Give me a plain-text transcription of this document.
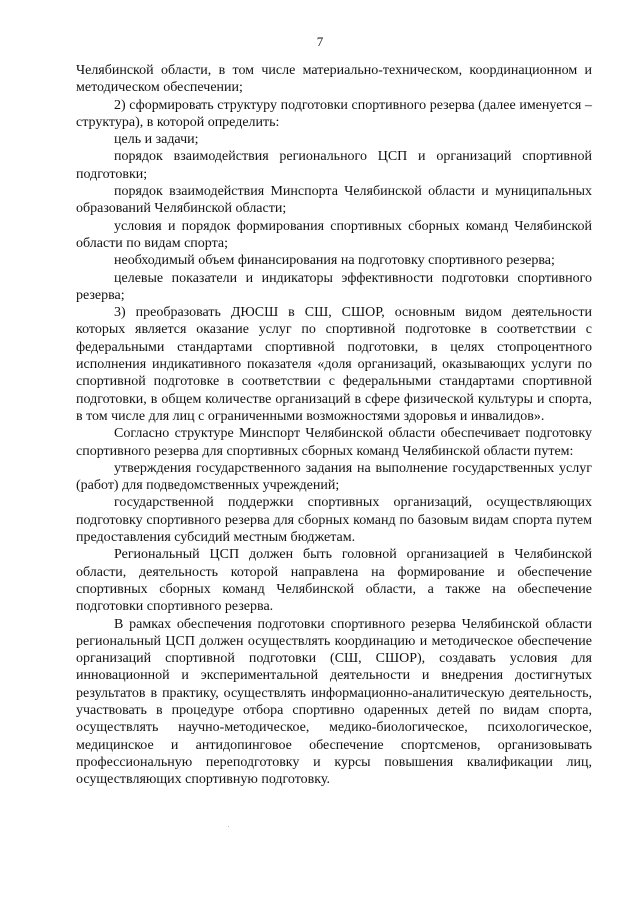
7

Челябинской области, в том числе материально-техническом, координационном и методическом обеспечении;

2) сформировать структуру подготовки спортивного резерва (далее именуется – структура), в которой определить:

цель и задачи;

порядок взаимодействия регионального ЦСП и организаций спортивной подготовки;

порядок взаимодействия Минспорта Челябинской области и муниципальных образований Челябинской области;

условия и порядок формирования спортивных сборных команд Челябинской области по видам спорта;

необходимый объем финансирования на подготовку спортивного резерва;

целевые показатели и индикаторы эффективности подготовки спортивного резерва;

3) преобразовать ДЮСШ в СШ, СШОР, основным видом деятельности которых является оказание услуг по спортивной подготовке в соответствии с федеральными стандартами спортивной подготовки, в целях стопроцентного исполнения индикативного показателя «доля организаций, оказывающих услуги по спортивной подготовке в соответствии с федеральными стандартами спортивной подготовки, в общем количестве организаций в сфере физической культуры и спорта, в том числе для лиц с ограниченными возможностями здоровья и инвалидов».

Согласно структуре Минспорт Челябинской области обеспечивает подготовку спортивного резерва для спортивных сборных команд Челябинской области путем:

утверждения государственного задания на выполнение государственных услуг (работ) для подведомственных учреждений;

государственной поддержки спортивных организаций, осуществляющих подготовку спортивного резерва для сборных команд по базовым видам спорта путем предоставления субсидий местным бюджетам.

Региональный ЦСП должен быть головной организацией в Челябинской области, деятельность которой направлена на формирование и обеспечение спортивных сборных команд Челябинской области, а также на обеспечение подготовки спортивного резерва.

В рамках обеспечения подготовки спортивного резерва Челябинской области региональный ЦСП должен осуществлять координацию и методическое обеспечение организаций спортивной подготовки (СШ, СШОР), создавать условия для инновационной и экспериментальной деятельности и внедрения достигнутых результатов в практику, осуществлять информационно-аналитическую деятельность, участвовать в процедуре отбора спортивно одаренных детей по видам спорта, осуществлять научно-методическое, медико-биологическое, психологическое, медицинское и антидопинговое обеспечение спортсменов, организовывать профессиональную переподготовку и курсы повышения квалификации лиц, осуществляющих спортивную подготовку.
